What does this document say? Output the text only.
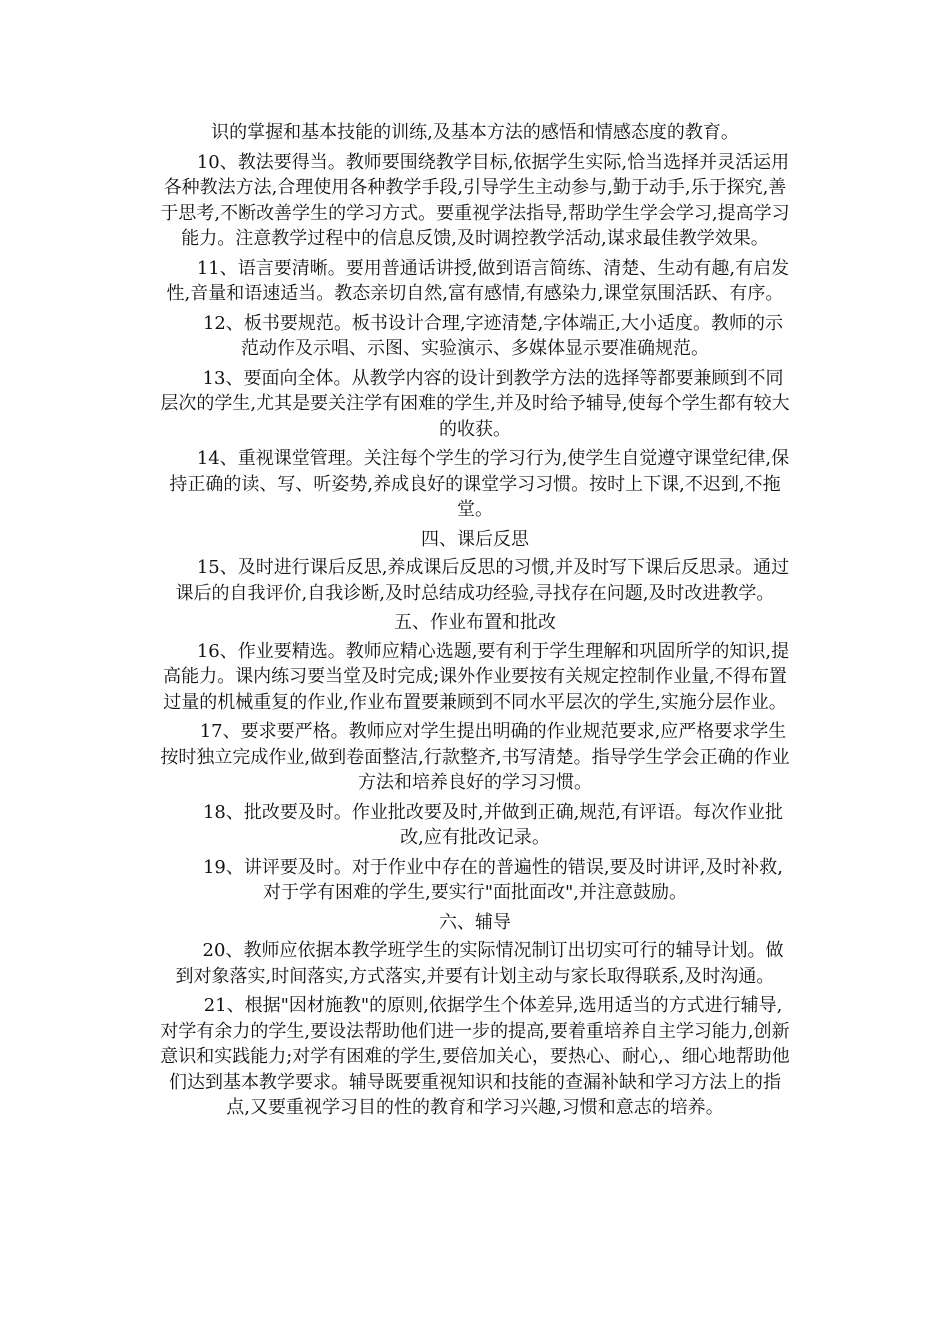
识的掌握和基本技能的训练,及基本方法的感悟和情感态度的教育。

10、教法要得当。教师要围绕教学目标,依据学生实际,恰当选择并灵活运用各种教法方法,合理使用各种教学手段,引导学生主动参与,勤于动手,乐于探究,善于思考,不断改善学生的学习方式。要重视学法指导,帮助学生学会学习,提高学习能力。注意教学过程中的信息反馈,及时调控教学活动,谋求最佳教学效果。

11、语言要清晰。要用普通话讲授,做到语言简练、清楚、生动有趣,有启发性,音量和语速适当。教态亲切自然,富有感情,有感染力,课堂氛围活跃、有序。

12、板书要规范。板书设计合理,字迹清楚,字体端正,大小适度。教师的示范动作及示唱、示图、实验演示、多媒体显示要准确规范。

13、要面向全体。从教学内容的设计到教学方法的选择等都要兼顾到不同层次的学生,尤其是要关注学有困难的学生,并及时给予辅导,使每个学生都有较大的收获。

14、重视课堂管理。关注每个学生的学习行为,使学生自觉遵守课堂纪律,保持正确的读、写、听姿势,养成良好的课堂学习习惯。按时上下课,不迟到,不拖堂。

四、课后反思

15、及时进行课后反思,养成课后反思的习惯,并及时写下课后反思录。通过课后的自我评价,自我诊断,及时总结成功经验,寻找存在问题,及时改进教学。

五、作业布置和批改

16、作业要精选。教师应精心选题,要有利于学生理解和巩固所学的知识,提高能力。课内练习要当堂及时完成;课外作业要按有关规定控制作业量,不得布置过量的机械重复的作业,作业布置要兼顾到不同水平层次的学生,实施分层作业。

17、要求要严格。教师应对学生提出明确的作业规范要求,应严格要求学生按时独立完成作业,做到卷面整洁,行款整齐,书写清楚。指导学生学会正确的作业方法和培养良好的学习习惯。

18、批改要及时。作业批改要及时,并做到正确,规范,有评语。每次作业批改,应有批改记录。

19、讲评要及时。对于作业中存在的普遍性的错误,要及时讲评,及时补救,对于学有困难的学生,要实行"面批面改",并注意鼓励。

六、辅导

20、教师应依据本教学班学生的实际情况制订出切实可行的辅导计划。做到对象落实,时间落实,方式落实,并要有计划主动与家长取得联系,及时沟通。

21、根据"因材施教"的原则,依据学生个体差异,选用适当的方式进行辅导,对学有余力的学生,要设法帮助他们进一步的提高,要着重培养自主学习能力,创新意识和实践能力;对学有困难的学生,要倍加关心，要热心、耐心,、细心地帮助他们达到基本教学要求。辅导既要重视知识和技能的查漏补缺和学习方法上的指点,又要重视学习目的性的教育和学习兴趣,习惯和意志的培养。
